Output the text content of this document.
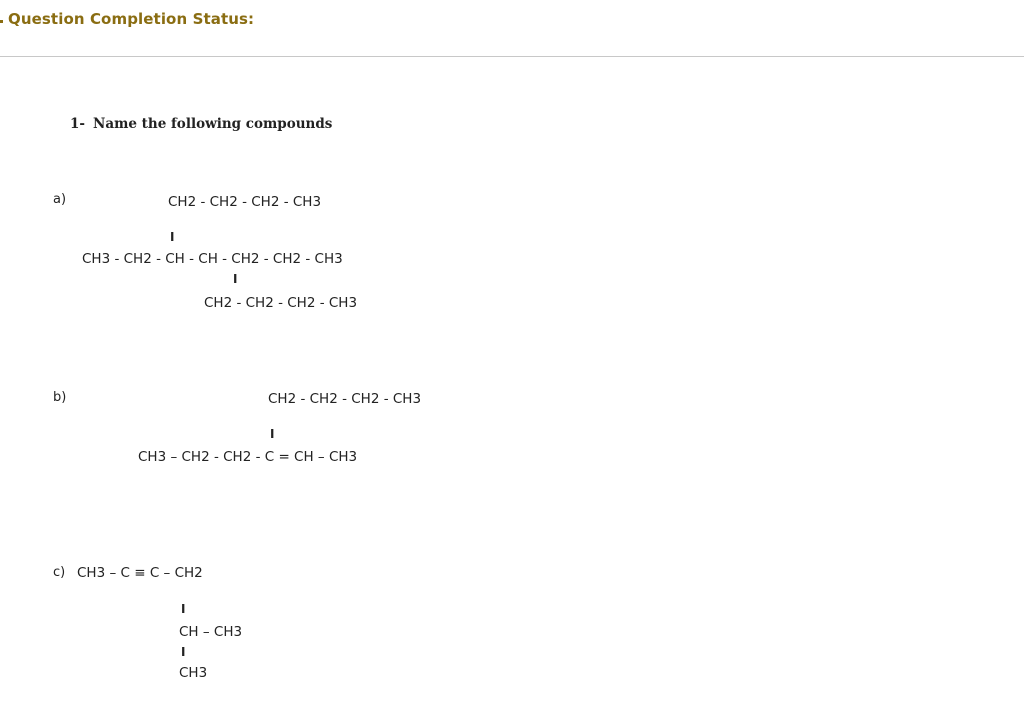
Question Completion Status:
1- Name the following compounds
a)	CH2 - CH2 - CH2 - CH3
I
CH3 - CH2 - CH - CH - CH2 - CH2 - CH3
I
CH2 - CH2 - CH2 - CH3
b)	CH2 - CH2 - CH2 - CH3
I
CH3 – CH2 - CH2 - C = CH – CH3
c) CH3 – C ≡ C – CH2
I
CH – CH3
I
CH3
